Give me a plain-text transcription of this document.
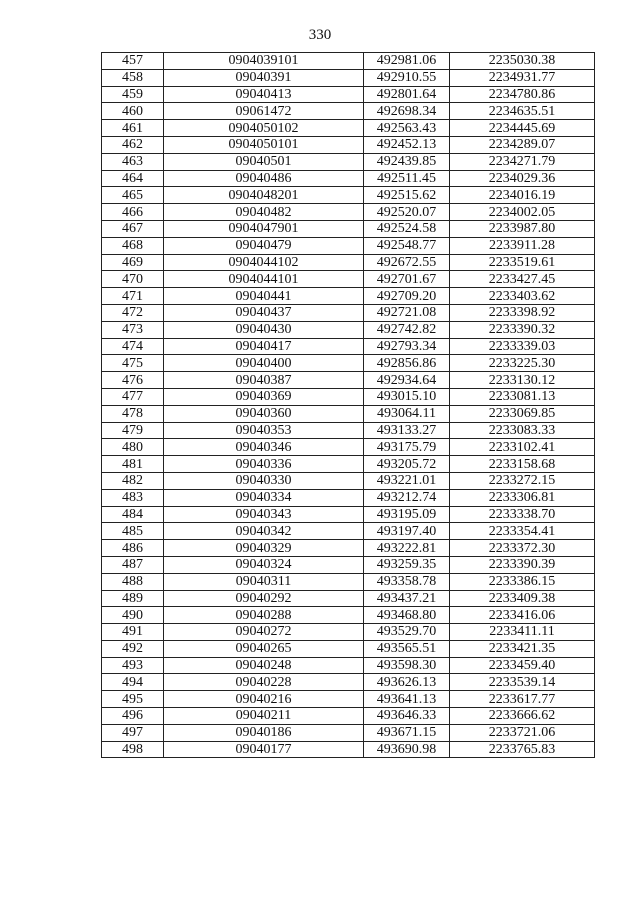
330
457	0904039101	492981.06	2235030.38
458	09040391	492910.55	2234931.77
459	09040413	492801.64	2234780.86
460	09061472	492698.34	2234635.51
461	0904050102	492563.43	2234445.69
462	0904050101	492452.13	2234289.07
463	09040501	492439.85	2234271.79
464	09040486	492511.45	2234029.36
465	0904048201	492515.62	2234016.19
466	09040482	492520.07	2234002.05
467	0904047901	492524.58	2233987.80
468	09040479	492548.77	2233911.28
469	0904044102	492672.55	2233519.61
470	0904044101	492701.67	2233427.45
471	09040441	492709.20	2233403.62
472	09040437	492721.08	2233398.92
473	09040430	492742.82	2233390.32
474	09040417	492793.34	2233339.03
475	09040400	492856.86	2233225.30
476	09040387	492934.64	2233130.12
477	09040369	493015.10	2233081.13
478	09040360	493064.11	2233069.85
479	09040353	493133.27	2233083.33
480	09040346	493175.79	2233102.41
481	09040336	493205.72	2233158.68
482	09040330	493221.01	2233272.15
483	09040334	493212.74	2233306.81
484	09040343	493195.09	2233338.70
485	09040342	493197.40	2233354.41
486	09040329	493222.81	2233372.30
487	09040324	493259.35	2233390.39
488	09040311	493358.78	2233386.15
489	09040292	493437.21	2233409.38
490	09040288	493468.80	2233416.06
491	09040272	493529.70	2233411.11
492	09040265	493565.51	2233421.35
493	09040248	493598.30	2233459.40
494	09040228	493626.13	2233539.14
495	09040216	493641.13	2233617.77
496	09040211	493646.33	2233666.62
497	09040186	493671.15	2233721.06
498	09040177	493690.98	2233765.83
